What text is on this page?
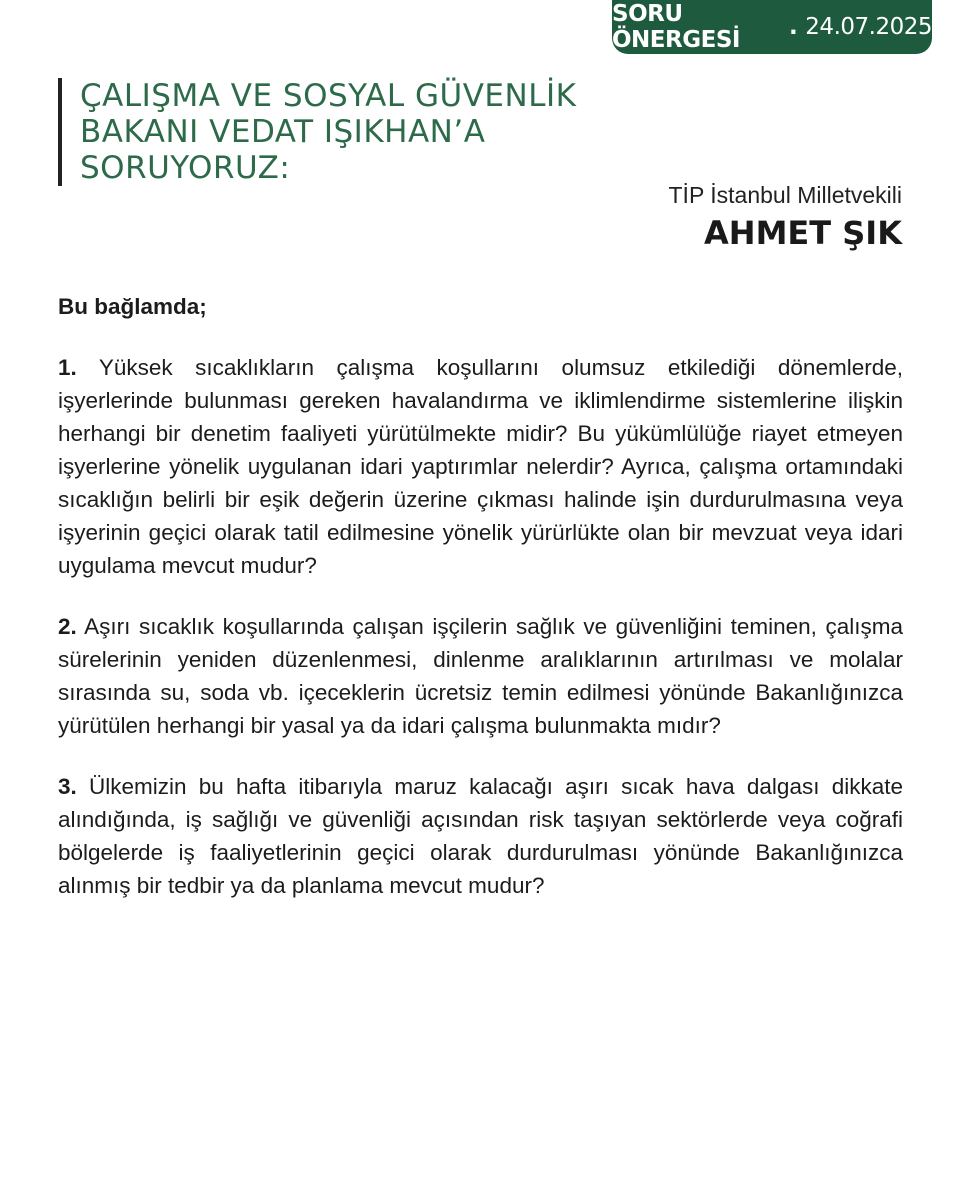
SORU ÖNERGESİ	. 24.07.2025
ÇALIŞMA VE SOSYAL GÜVENLİK
BAKANI VEDAT IŞIKHAN’A
SORUYORUZ:
TİP İstanbul Milletvekili
AHMET ŞIK

Bu bağlamda;

1. Yüksek sıcaklıkların çalışma koşullarını olumsuz etkilediği dönemlerde, işyerlerinde bulunması gereken havalandırma ve iklimlendirme sistemlerine ilişkin herhangi bir denetim faaliyeti yürütülmekte midir? Bu yükümlülüğe riayet etmeyen işyerlerine yönelik uygulanan idari yaptırımlar nelerdir? Ayrıca, çalışma ortamındaki sıcaklığın belirli bir eşik değerin üzerine çıkması halinde işin durdurulmasına veya işyerinin geçici olarak tatil edilmesine yönelik yürürlükte olan bir mevzuat veya idari uygulama mevcut mudur?

2. Aşırı sıcaklık koşullarında çalışan işçilerin sağlık ve güvenliğini teminen, çalışma sürelerinin yeniden düzenlenmesi, dinlenme aralıklarının artırılması ve molalar sırasında su, soda vb. içeceklerin ücretsiz temin edilmesi yönünde Bakanlığınızca yürütülen herhangi bir yasal ya da idari çalışma bulunmakta mıdır?

3. Ülkemizin bu hafta itibarıyla maruz kalacağı aşırı sıcak hava dalgası dikkate alındığında, iş sağlığı ve güvenliği açısından risk taşıyan sektörlerde veya coğrafi bölgelerde iş faaliyetlerinin geçici olarak durdurulması yönünde Bakanlığınızca alınmış bir tedbir ya da planlama mevcut mudur?
